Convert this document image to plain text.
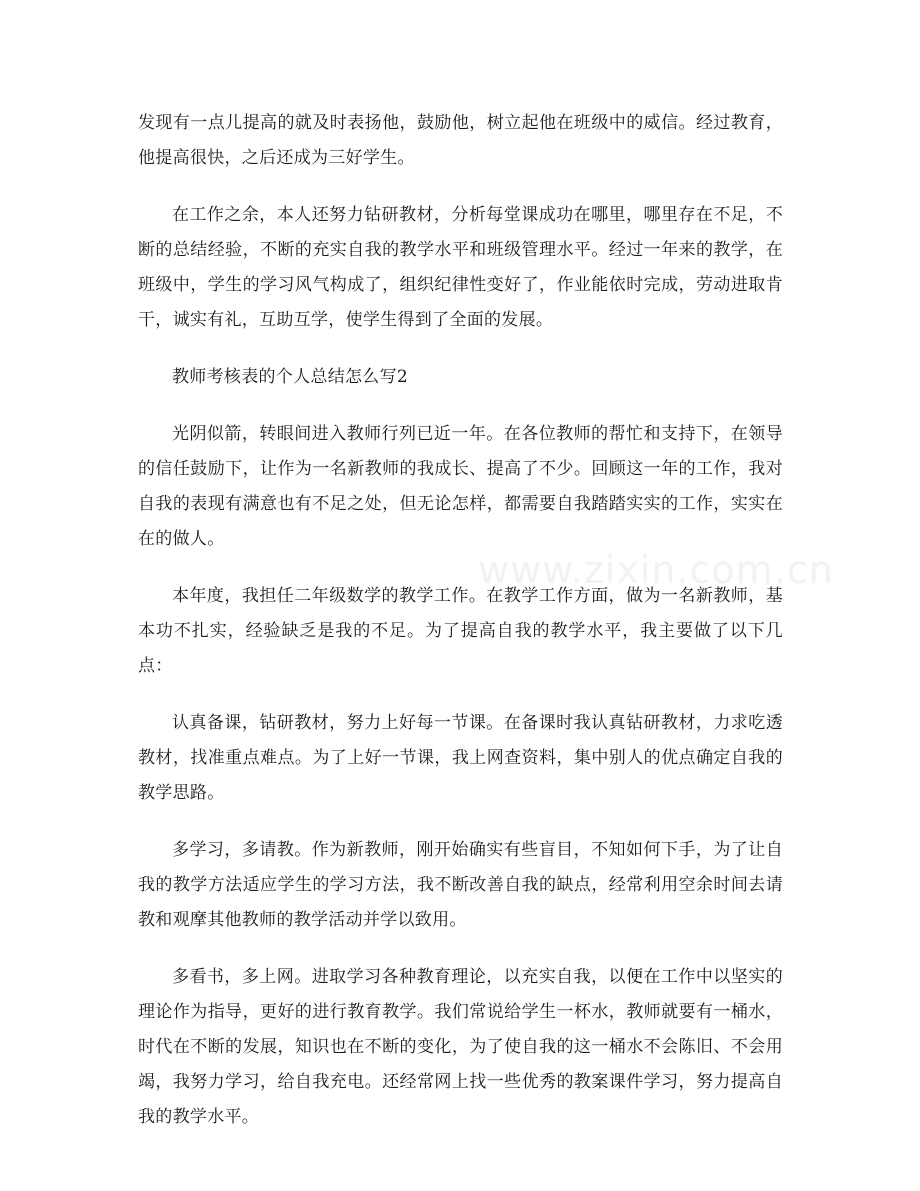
发现有一点儿提高的就及时表扬他，鼓励他，树立起他在班级中的威信。经过教育，他提高很快，之后还成为三好学生。

在工作之余，本人还努力钻研教材，分析每堂课成功在哪里，哪里存在不足，不断的总结经验，不断的充实自我的教学水平和班级管理水平。经过一年来的教学，在班级中，学生的学习风气构成了，组织纪律性变好了，作业能依时完成，劳动进取肯干，诚实有礼，互助互学，使学生得到了全面的发展。

教师考核表的个人总结怎么写2

光阴似箭，转眼间进入教师行列已近一年。在各位教师的帮忙和支持下，在领导的信任鼓励下，让作为一名新教师的我成长、提高了不少。回顾这一年的工作，我对自我的表现有满意也有不足之处，但无论怎样，都需要自我踏踏实实的工作，实实在在的做人。

本年度，我担任二年级数学的教学工作。在教学工作方面，做为一名新教师，基本功不扎实，经验缺乏是我的不足。为了提高自我的教学水平，我主要做了以下几点：

认真备课，钻研教材，努力上好每一节课。在备课时我认真钻研教材，力求吃透教材，找准重点难点。为了上好一节课，我上网查资料，集中别人的优点确定自我的教学思路。

多学习，多请教。作为新教师，刚开始确实有些盲目，不知如何下手，为了让自我的教学方法适应学生的学习方法，我不断改善自我的缺点，经常利用空余时间去请教和观摩其他教师的教学活动并学以致用。

多看书，多上网。进取学习各种教育理论，以充实自我，以便在工作中以坚实的理论作为指导，更好的进行教育教学。我们常说给学生一杯水，教师就要有一桶水，时代在不断的发展，知识也在不断的变化，为了使自我的这一桶水不会陈旧、不会用竭，我努力学习，给自我充电。还经常网上找一些优秀的教案课件学习，努力提高自我的教学水平。

www.zixin.com.cn
